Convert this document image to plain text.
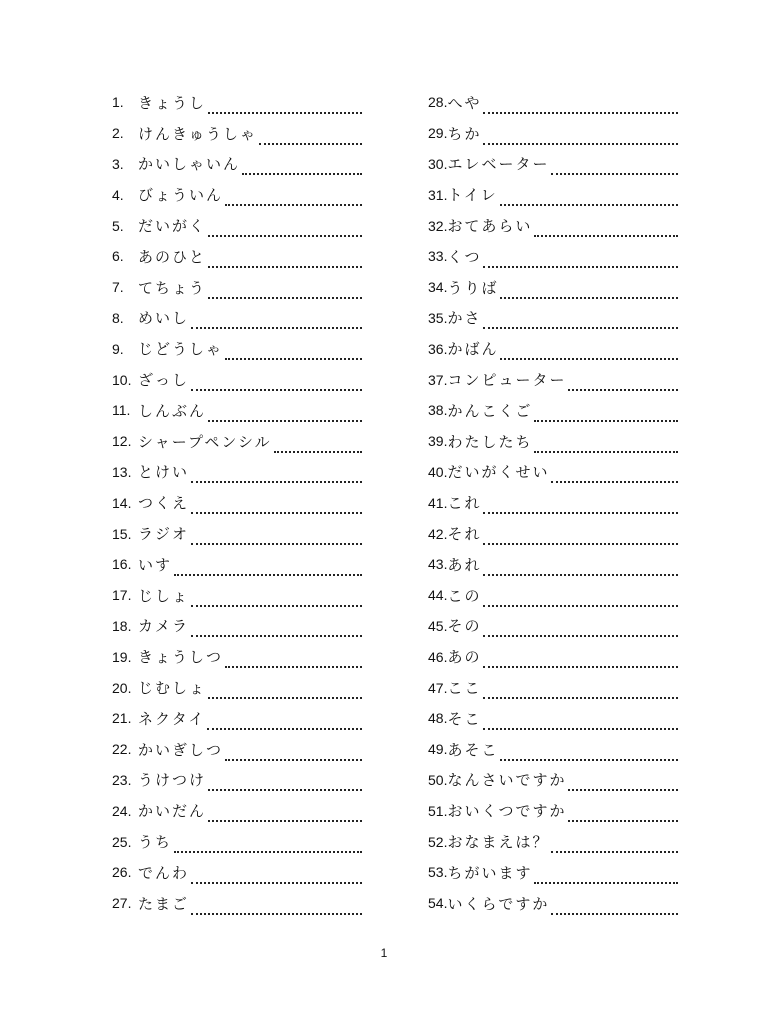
1. きょうし
2. けんきゅうしゃ
3. かいしゃいん
4. びょういん
5. だいがく
6. あのひと
7. てちょう
8. めいし
9. じどうしゃ
10. ざっし
11. しんぶん
12. シャープペンシル
13. とけい
14. つくえ
15. ラジオ
16. いす
17. じしょ
18. カメラ
19. きょうしつ
20. じむしょ
21. ネクタイ
22. かいぎしつ
23. うけつけ
24. かいだん
25. うち
26. でんわ
27. たまご
28. へや
29. ちか
30. エレベーター
31. トイレ
32. おてあらい
33. くつ
34. うりば
35. かさ
36. かばん
37. コンピューター
38. かんこくご
39. わたしたち
40. だいがくせい
41. これ
42. それ
43. あれ
44. この
45. その
46. あの
47. ここ
48. そこ
49. あそこ
50. なんさいですか
51. おいくつですか
52. おなまえは？
53. ちがいます
54. いくらですか
1
